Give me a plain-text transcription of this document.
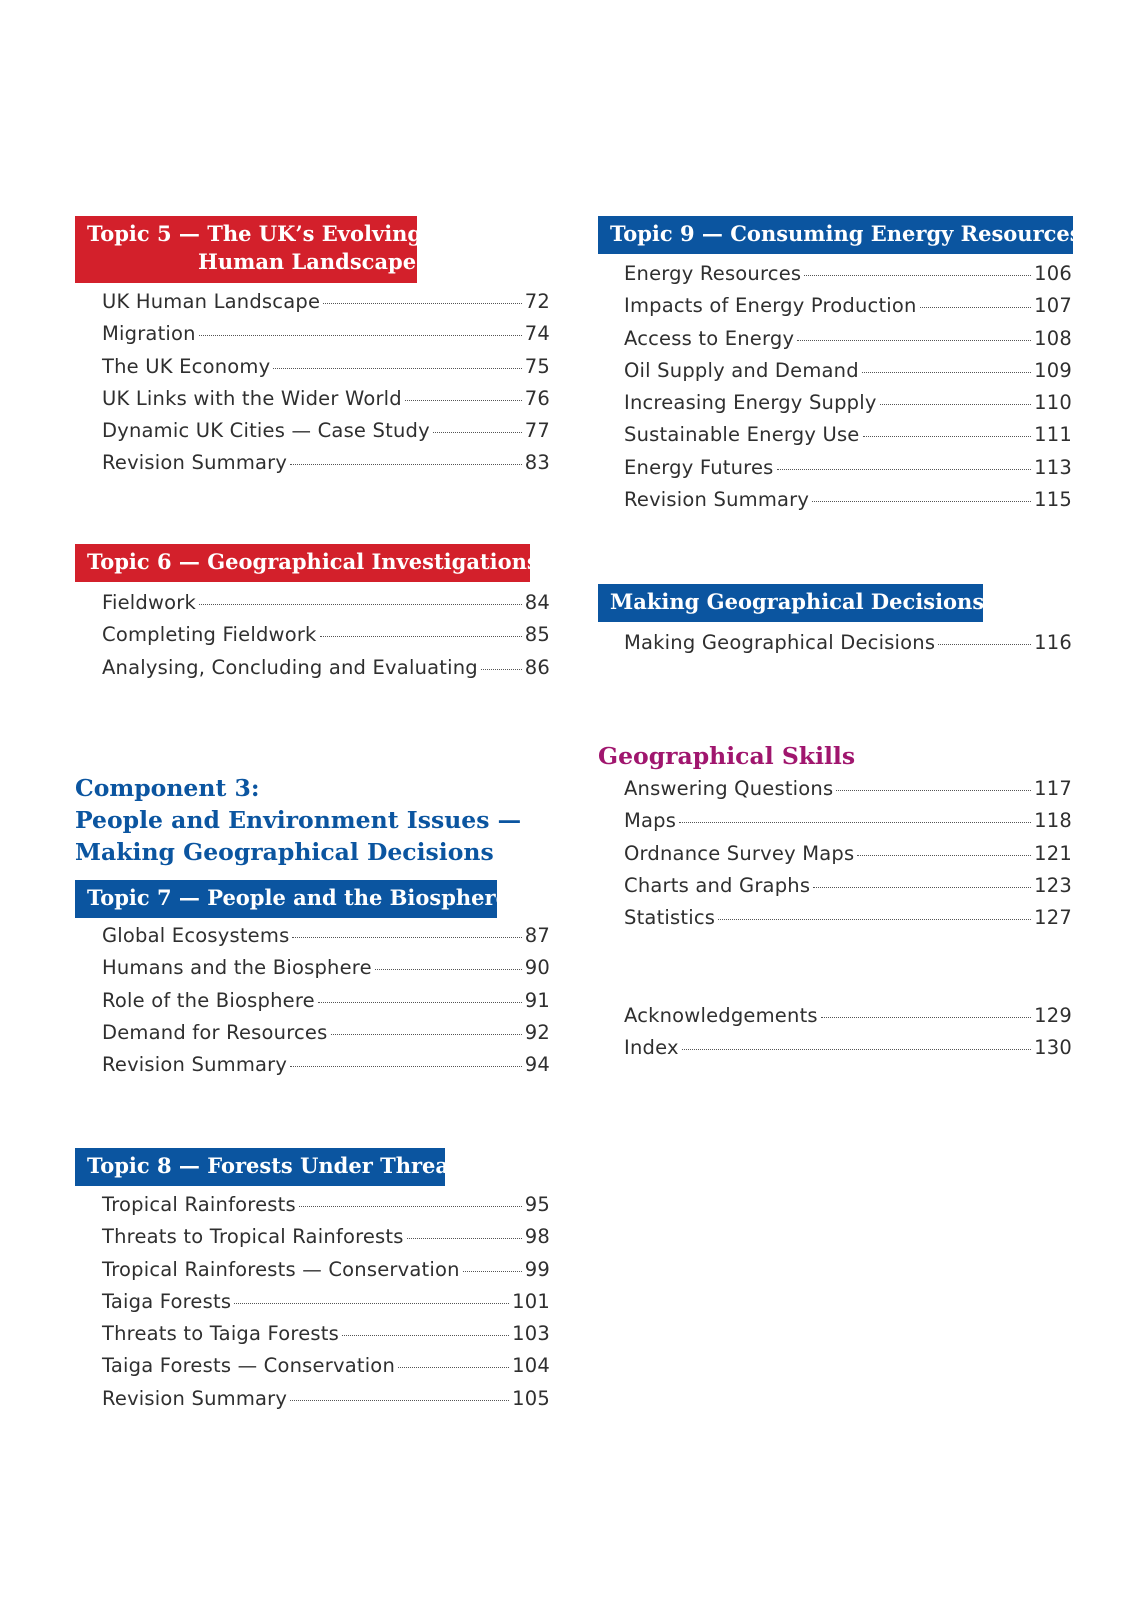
Topic 5 — The UK’s Evolving
Human Landscape
UK Human Landscape	72
Migration	74
The UK Economy	75
UK Links with the Wider World	76
Dynamic UK Cities — Case Study	77
Revision Summary	83
Topic 6 — Geographical Investigations
Fieldwork	84
Completing Fieldwork	85
Analysing, Concluding and Evaluating 86
Component 3:
People and Environment Issues —
Making Geographical Decisions
Topic 7 — People and the Biosphere
Global Ecosystems	87
Humans and the Biosphere	90
Role of the Biosphere	91
Demand for Resources	92
Revision Summary	94
Topic 8 — Forests Under Threat
Tropical Rainforests	95
Threats to Tropical Rainforests	98
Tropical Rainforests — Conservation	99
Taiga Forests	101
Threats to Taiga Forests	103
Taiga Forests — Conservation	104
Revision Summary	105
Topic 9 — Consuming Energy Resources
Energy Resources	106
Impacts of Energy Production	107
Access to Energy	108
Oil Supply and Demand	109
Increasing Energy Supply	110
Sustainable Energy Use	111
Energy Futures	113
Revision Summary	115
Making Geographical Decisions
Making Geographical Decisions	116
Geographical Skills
Answering Questions	117
Maps	118
Ordnance Survey Maps	121
Charts and Graphs	123
Statistics	127
Acknowledgements	129
Index	130
